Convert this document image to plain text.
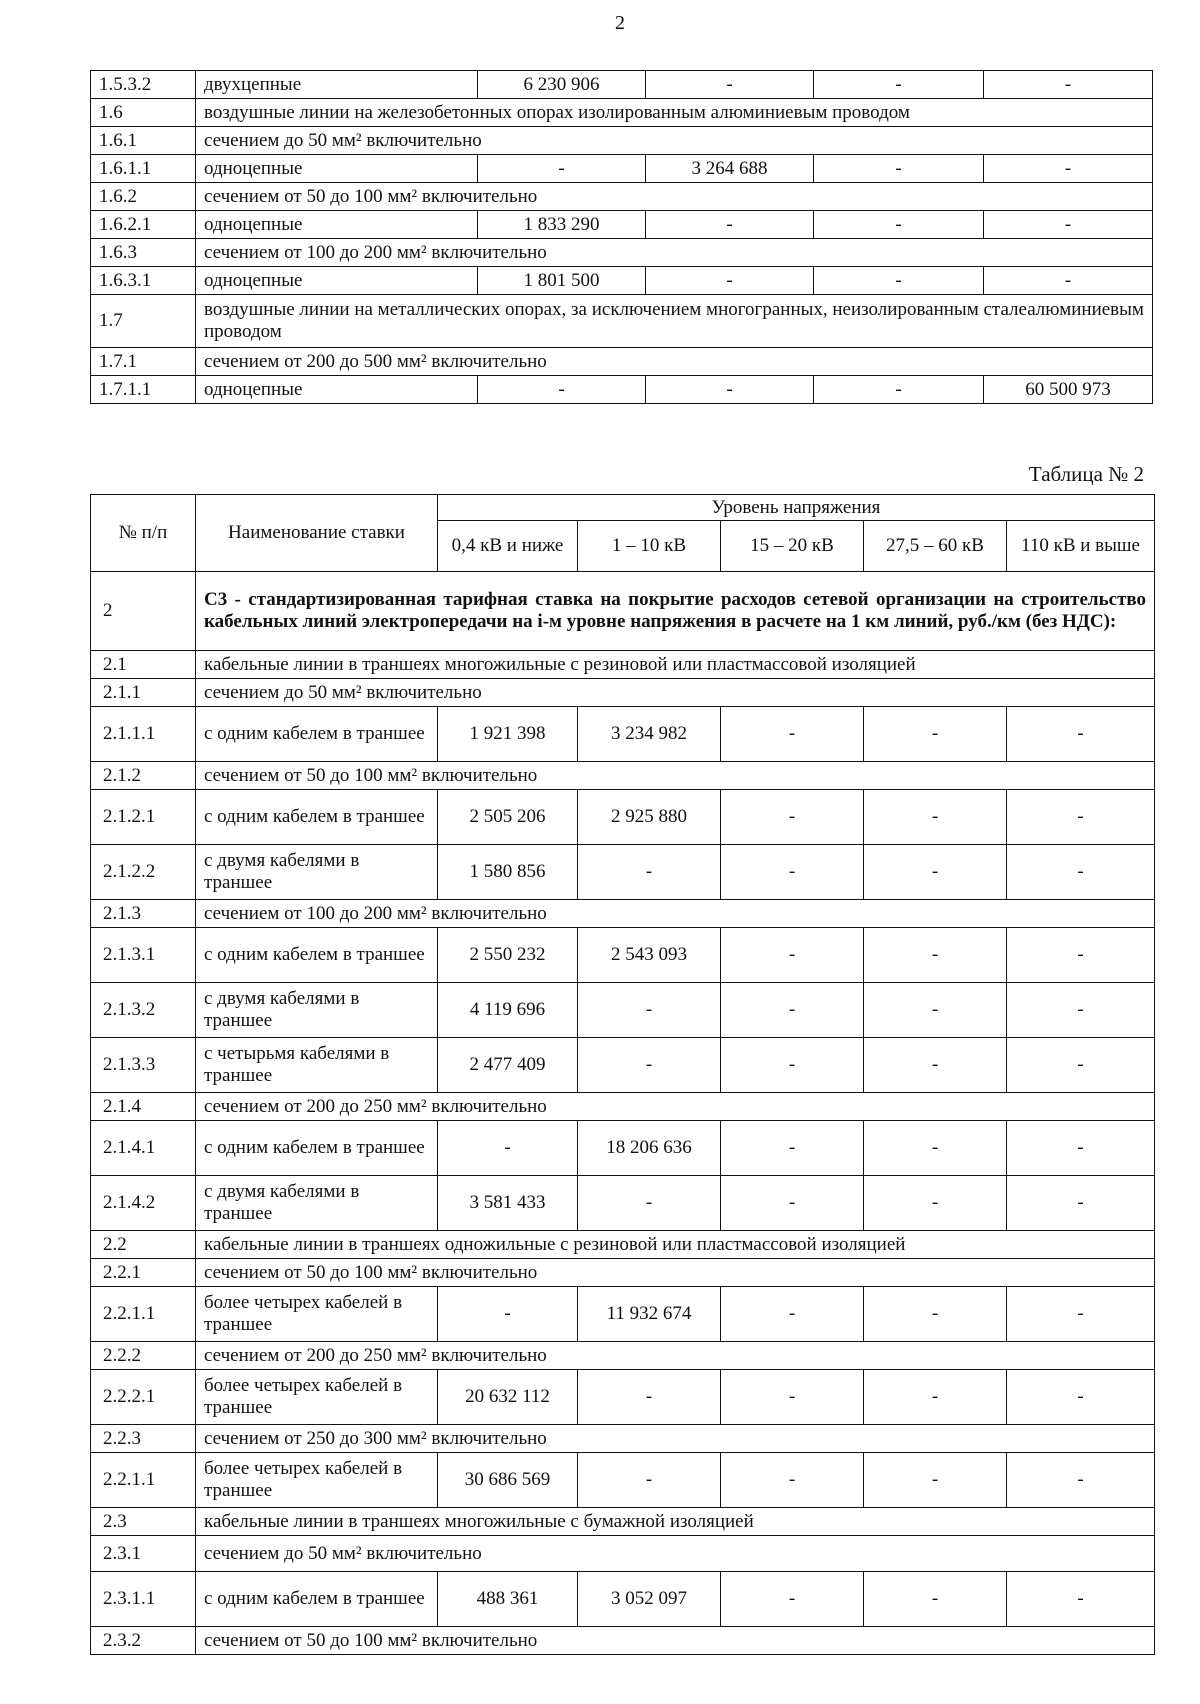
2
1.5.3.2	двухцепные	6 230 906	-	-	-
1.6	воздушные линии на железобетонных опорах изолированным алюминиевым проводом				
1.6.1	сечением до 50 мм² включительно				
1.6.1.1	одноцепные	-	3 264 688	-	-
1.6.2	сечением от 50 до 100 мм² включительно				
1.6.2.1	одноцепные	1 833 290	-	-	-
1.6.3	сечением от 100 до 200 мм² включительно				
1.6.3.1	одноцепные	1 801 500	-	-	-
1.7	воздушные линии на металлических опорах, за исключением многогранных, неизолированным сталеалюминиевым проводом				
1.7.1	сечением от 200 до 500 мм² включительно				
1.7.1.1	одноцепные	-	-	-	60 500 973
Таблица № 2
№ п/п	Наименование ставки	Уровень напряжения				
		0,4 кВ и ниже	1 – 10 кВ	15 – 20 кВ	27,5 – 60 кВ	110 кВ и выше
2	С3 - стандартизированная тарифная ставка на покрытие расходов сетевой организации на строительство кабельных линий электропередачи на i-м уровне напряжения в расчете на 1 км линий, руб./км (без НДС):					
2.1	кабельные линии в траншеях многожильные с резиновой или пластмассовой изоляцией					
2.1.1	сечением до 50 мм² включительно					
2.1.1.1	с одним кабелем в траншее	1 921 398	3 234 982	-	-	-
2.1.2	сечением от 50 до 100 мм² включительно					
2.1.2.1	с одним кабелем в траншее	2 505 206	2 925 880	-	-	-
2.1.2.2	с двумя кабелями в траншее	1 580 856	-	-	-	-
2.1.3	сечением от 100 до 200 мм² включительно					
2.1.3.1	с одним кабелем в траншее	2 550 232	2 543 093	-	-	-
2.1.3.2	с двумя кабелями в траншее	4 119 696	-	-	-	-
2.1.3.3	с четырьмя кабелями в траншее	2 477 409	-	-	-	-
2.1.4	сечением от 200 до 250 мм² включительно					
2.1.4.1	с одним кабелем в траншее	-	18 206 636	-	-	-
2.1.4.2	с двумя кабелями в траншее	3 581 433	-	-	-	-
2.2	кабельные линии в траншеях одножильные с резиновой или пластмассовой изоляцией					
2.2.1	сечением от 50 до 100 мм² включительно					
2.2.1.1	более четырех кабелей в траншее	-	11 932 674	-	-	-
2.2.2	сечением от 200 до 250 мм² включительно					
2.2.2.1	более четырех кабелей в траншее	20 632 112	-	-	-	-
2.2.3	сечением от 250 до 300 мм² включительно					
2.2.1.1	более четырех кабелей в траншее	30 686 569	-	-	-	-
2.3	кабельные линии в траншеях многожильные с бумажной изоляцией					
2.3.1	сечением до 50 мм² включительно					
2.3.1.1	с одним кабелем в траншее	488 361	3 052 097	-	-	-
2.3.2	сечением от 50 до 100 мм² включительно					
